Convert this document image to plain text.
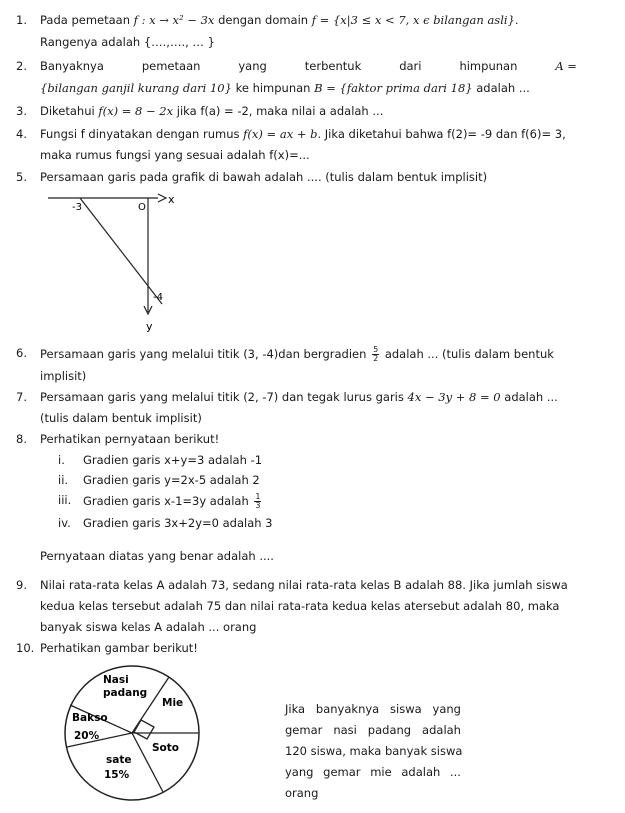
1. Pada pemetaan f : x → x² − 3x dengan domain f = {x|3 ≤ x < 7, x ϵ bilangan asli}.
Rangenya adalah {….,…., … }
2. Banyaknya	pemetaan	yang	terbentuk	dari	himpunan	A =
{bilangan ganjil kurang dari 10} ke himpunan B = {faktor prima dari 18} adalah ...
3. Diketahui f(x) = 8 − 2x jika f(a) = -2, maka nilai a adalah ...
4. Fungsi f dinyatakan dengan rumus f(x) = ax + b. Jika diketahui bahwa f(2)= -9 dan f(6)= 3,
maka rumus fungsi yang sesuai adalah f(x)=...
5. Persamaan garis pada grafik di bawah adalah .... (tulis dalam bentuk implisit)
x
y
O
-3
-4
6. Persamaan garis yang melalui titik (3, -4)dan bergradien $\frac{5}{2}$ adalah ... (tulis dalam bentuk
implisit)
7. Persamaan garis yang melalui titik (2, -7) dan tegak lurus garis 4x − 3y + 8 = 0 adalah ...
(tulis dalam bentuk implisit)
8. Perhatikan pernyataan berikut!
i. Gradien garis x+y=3 adalah -1
ii. Gradien garis y=2x-5 adalah 2
iii. Gradien garis x-1=3y adalah $\frac{1}{3}$
iv. Gradien garis 3x+2y=0 adalah 3
Pernyataan diatas yang benar adalah ....
9. Nilai rata-rata kelas A adalah 73, sedang nilai rata-rata kelas B adalah 88. Jika jumlah siswa
kedua kelas tersebut adalah 75 dan nilai rata-rata kedua kelas atersebut adalah 80, maka
banyak siswa kelas A adalah ... orang
10. Perhatikan gambar berikut!
Nasi
padang
Mie
Bakso
20%
Soto
sate
15%
Jika banyaknya siswa yang
gemar nasi padang adalah
120 siswa, maka banyak siswa
yang gemar mie adalah ...
orang
